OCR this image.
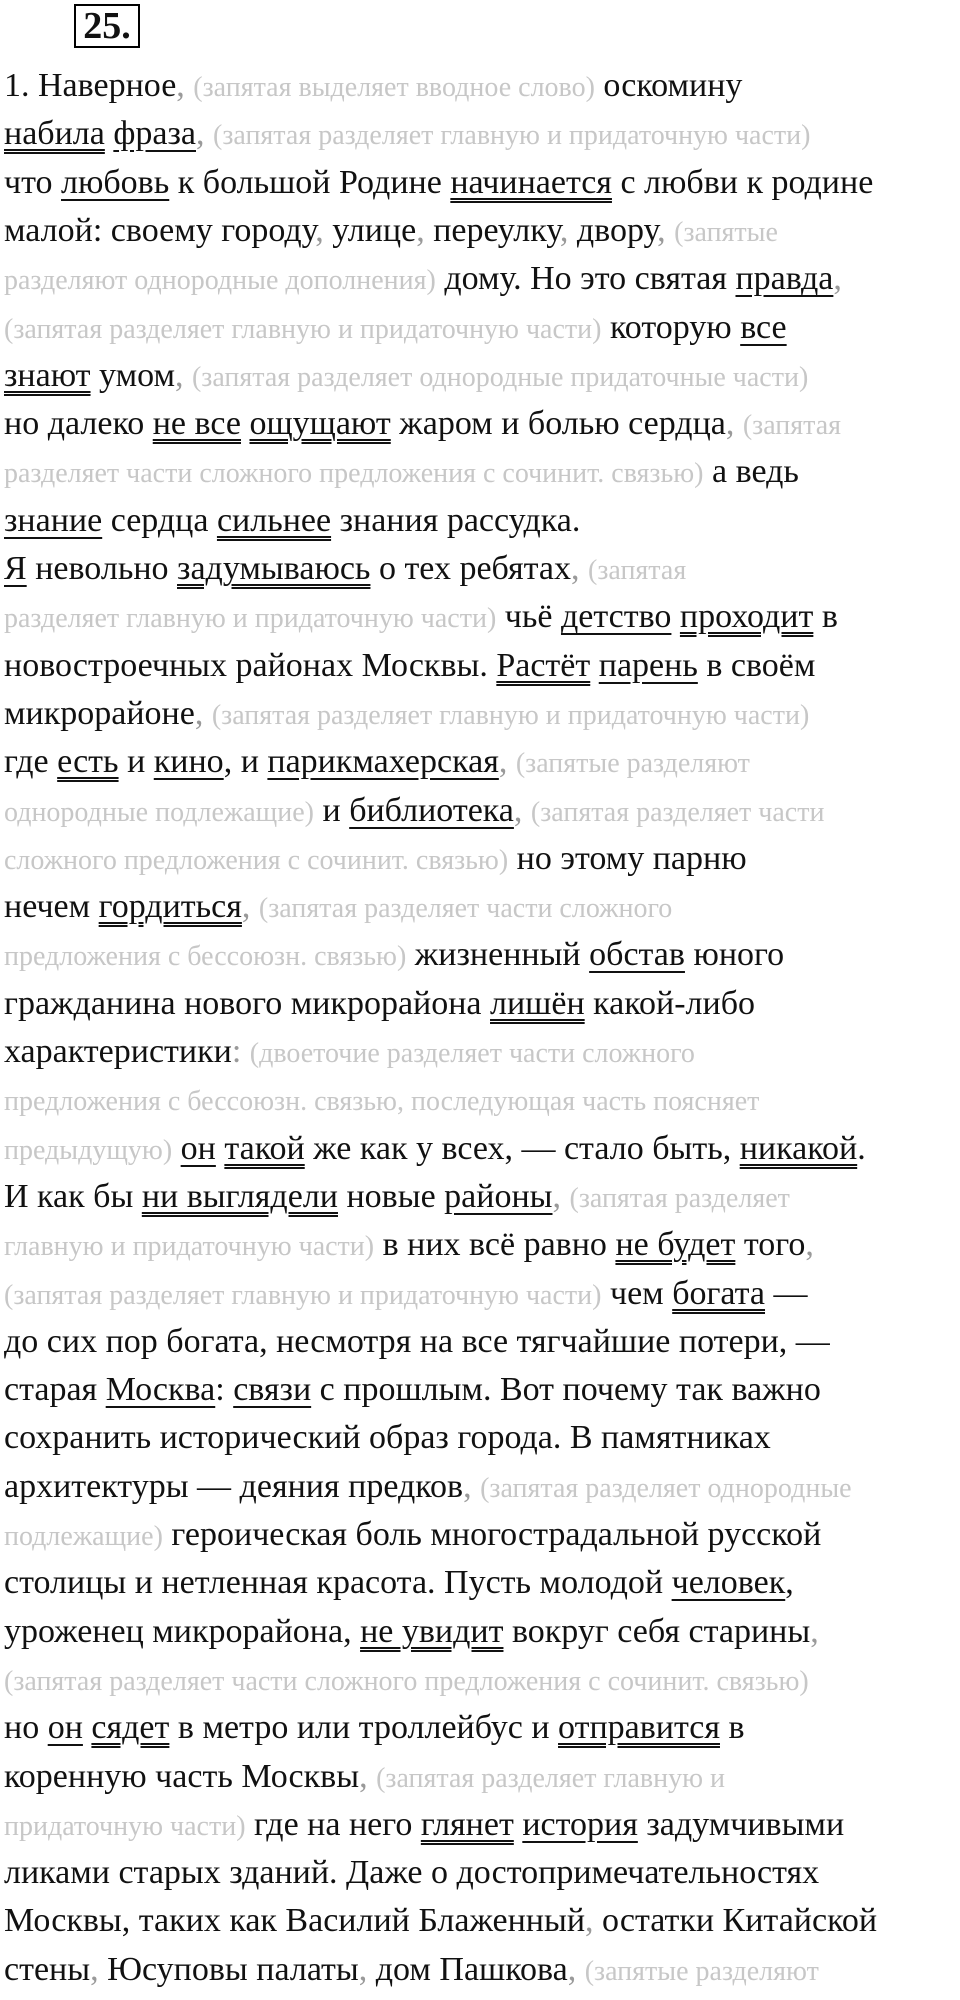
25.
1. Наверное, (запятая выделяет вводное слово) оскомину
набила фраза, (запятая разделяет главную и придаточную части)
что любовь к большой Родине начинается с любви к родине
малой: своему городу, улице, переулку, двору, (запятые
разделяют однородные дополнения) дому. Но это святая правда,
(запятая разделяет главную и придаточную части) которую все
знают умом, (запятая разделяет однородные придаточные части)
но далеко не все ощущают жаром и болью сердца, (запятая
разделяет части сложного предложения с сочинит. связью) а ведь
знание сердца сильнее знания рассудка.
Я невольно задумываюсь о тех ребятах, (запятая
разделяет главную и придаточную части) чьё детство проходит в
новостроечных районах Москвы. Растёт парень в своём
микрорайоне, (запятая разделяет главную и придаточную части)
где есть и кино, и парикмахерская, (запятые разделяют
однородные подлежащие) и библиотека, (запятая разделяет части
сложного предложения с сочинит. связью) но этому парню
нечем гордиться, (запятая разделяет части сложного
предложения с бессоюзн. связью) жизненный обстав юного
гражданина нового микрорайона лишён какой-либо
характеристики: (двоеточие разделяет части сложного
предложения с бессоюзн. связью, последующая часть поясняет
предыдущую) он такой же как у всех, — стало быть, никакой.
И как бы ни выглядели новые районы, (запятая разделяет
главную и придаточную части) в них всё равно не будет того,
(запятая разделяет главную и придаточную части) чем богата —
до сих пор богата, несмотря на все тягчайшие потери, —
старая Москва: связи с прошлым. Вот почему так важно
сохранить исторический образ города. В памятниках
архитектуры — деяния предков, (запятая разделяет однородные
подлежащие) героическая боль многострадальной русской
столицы и нетленная красота. Пусть молодой человек,
уроженец микрорайона, не увидит вокруг себя старины,
(запятая разделяет части сложного предложения с сочинит. связью)
но он сядет в метро или троллейбус и отправится в
коренную часть Москвы, (запятая разделяет главную и
придаточную части) где на него глянет история задумчивыми
ликами старых зданий. Даже о достопримечательностях
Москвы, таких как Василий Блаженный, остатки Китайской
стены, Юсуповы палаты, дом Пашкова, (запятые разделяют
